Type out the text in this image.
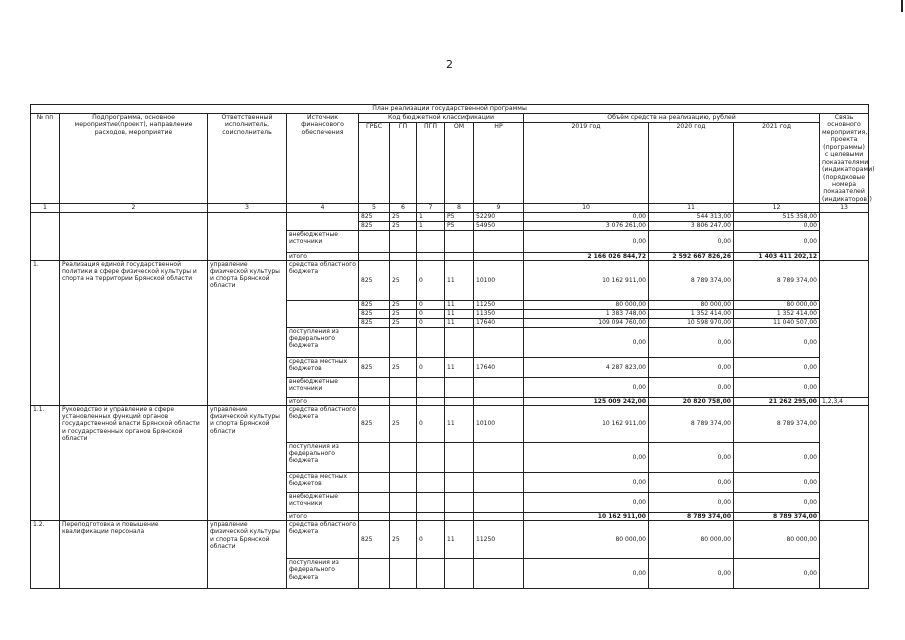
2
План реализации государственной программы												
№ пп	Подпрограмма, основное мероприятие(проект), направление расходов, мероприятие	Ответственный исполнитель, соисполнитель	Источник финансового обеспечения	Код бюджетной классификации					Объём средств на реализацию, рублей			Связь основного мероприятия, проекта (программы) с целевыми показателями (индикаторами) (порядковые номера показателей (индикаторов))
				ГРБС	ГП	ПГП	ОМ	НР	2019 год	2020 год	2021 год	
1	2	3	4	5	6	7	8	9	10	11	12	13
				825	25	1	P5	52290	0,00	544 313,00	515 358,00	
				825	25	1	P5	54950	3 076 261,00	3 806 247,00	0,00	
			внебюджетные источники						0,00	0,00	0,00	
			итого						2 166 026 844,72	2 592 667 826,26	1 403 411 202,12	
1.	Реализация единой государственной политики в сфере физической культуры и спорта на территории Брянской области	управление физической культуры и спорта Брянской области	средства областного бюджета	825	25	0	11	10100	10 162 911,00	8 789 374,00	8 789 374,00	
				825	25	0	11	11250	80 000,00	80 000,00	80 000,00	
				825	25	0	11	11350	1 383 748,00	1 352 414,00	1 352 414,00	
				825	25	0	11	17640	109 094 760,00	10 598 970,00	11 040 507,00	
			поступления из федерального бюджета						0,00	0,00	0,00	
			средства местных бюджетов	825	25	0	11	17640	4 287 823,00	0,00	0,00	
			внебюджетные источники						0,00	0,00	0,00	
			итого						125 009 242,00	20 820 758,00	21 262 295,00	1,2,3,4
1.1.	Руководство и управление в сфере установленных функций органов государственной власти Брянской области и государственных органов Брянской области	управление физической культуры и спорта Брянской области	средства областного бюджета	825	25	0	11	10100	10 162 911,00	8 789 374,00	8 789 374,00	
			поступления из федерального бюджета						0,00	0,00	0,00	
			средства местных бюджетов						0,00	0,00	0,00	
			внебюджетные источники						0,00	0,00	0,00	
			итого						10 162 911,00	8 789 374,00	8 789 374,00	
1.2.	Переподготовка и повышение квалификации персонала	управление физической культуры и спорта Брянской области	средства областного бюджета	825	25	0	11	11250	80 000,00	80 000,00	80 000,00	
			поступления из федерального бюджета						0,00	0,00	0,00	
